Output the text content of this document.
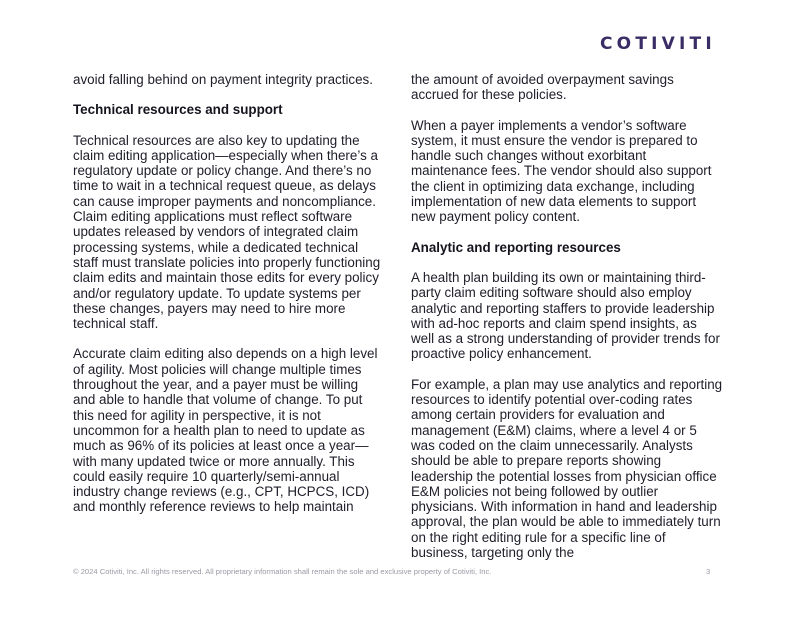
COTIVITI

avoid falling behind on payment integrity practices.

Technical resources and support

Technical resources are also key to updating the claim editing application—especially when there’s a regulatory update or policy change. And there’s no time to wait in a technical request queue, as delays can cause improper payments and noncompliance. Claim editing applications must reflect software updates released by vendors of integrated claim processing systems, while a dedicated technical staff must translate policies into properly functioning claim edits and maintain those edits for every policy and/or regulatory update. To update systems per these changes, payers may need to hire more technical staff.

Accurate claim editing also depends on a high level of agility. Most policies will change multiple times throughout the year, and a payer must be willing and able to handle that volume of change. To put this need for agility in perspective, it is not uncommon for a health plan to need to update as much as 96% of its policies at least once a year—with many updated twice or more annually. This could easily require 10 quarterly/semi-annual industry change reviews (e.g., CPT, HCPCS, ICD) and monthly reference reviews to help maintain

the amount of avoided overpayment savings accrued for these policies.

When a payer implements a vendor’s software system, it must ensure the vendor is prepared to handle such changes without exorbitant maintenance fees. The vendor should also support the client in optimizing data exchange, including implementation of new data elements to support new payment policy content.

Analytic and reporting resources

A health plan building its own or maintaining third-party claim editing software should also employ analytic and reporting staffers to provide leadership with ad-hoc reports and claim spend insights, as well as a strong understanding of provider trends for proactive policy enhancement.

For example, a plan may use analytics and reporting resources to identify potential over-coding rates among certain providers for evaluation and management (E&M) claims, where a level 4 or 5 was coded on the claim unnecessarily. Analysts should be able to prepare reports showing leadership the potential losses from physician office E&M policies not being followed by outlier physicians. With information in hand and leadership approval, the plan would be able to immediately turn on the right editing rule for a specific line of business, targeting only the

© 2024 Cotiviti, Inc. All rights reserved. All proprietary information shall remain the sole and exclusive property of Cotiviti, Inc.	3
